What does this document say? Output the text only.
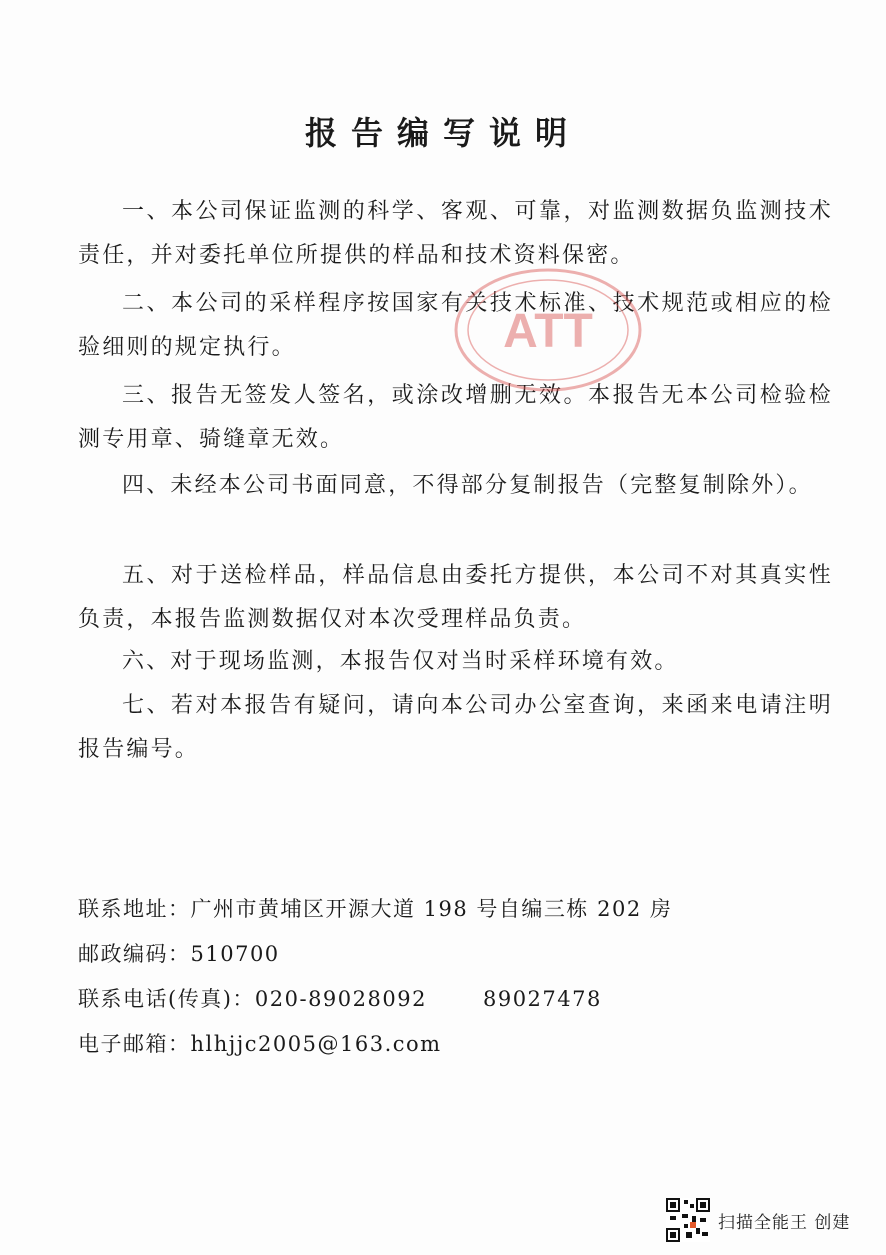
报告编写说明
一、本公司保证监测的科学、客观、可靠，对监测数据负监测技术责任，并对委托单位所提供的样品和技术资料保密。
二、本公司的采样程序按国家有关技术标准、技术规范或相应的检验细则的规定执行。
三、报告无签发人签名，或涂改增删无效。本报告无本公司检验检测专用章、骑缝章无效。
四、未经本公司书面同意，不得部分复制报告（完整复制除外）。
五、对于送检样品，样品信息由委托方提供，本公司不对其真实性负责，本报告监测数据仅对本次受理样品负责。
六、对于现场监测，本报告仅对当时采样环境有效。
七、若对本报告有疑问，请向本公司办公室查询，来函来电请注明报告编号。
ATT
联系地址：广州市黄埔区开源大道 198 号自编三栋 202 房
邮政编码：510700
联系电话(传真)：020-89028092	89027478
电子邮箱：hlhjjc2005@163.com
扫描全能王 创建
